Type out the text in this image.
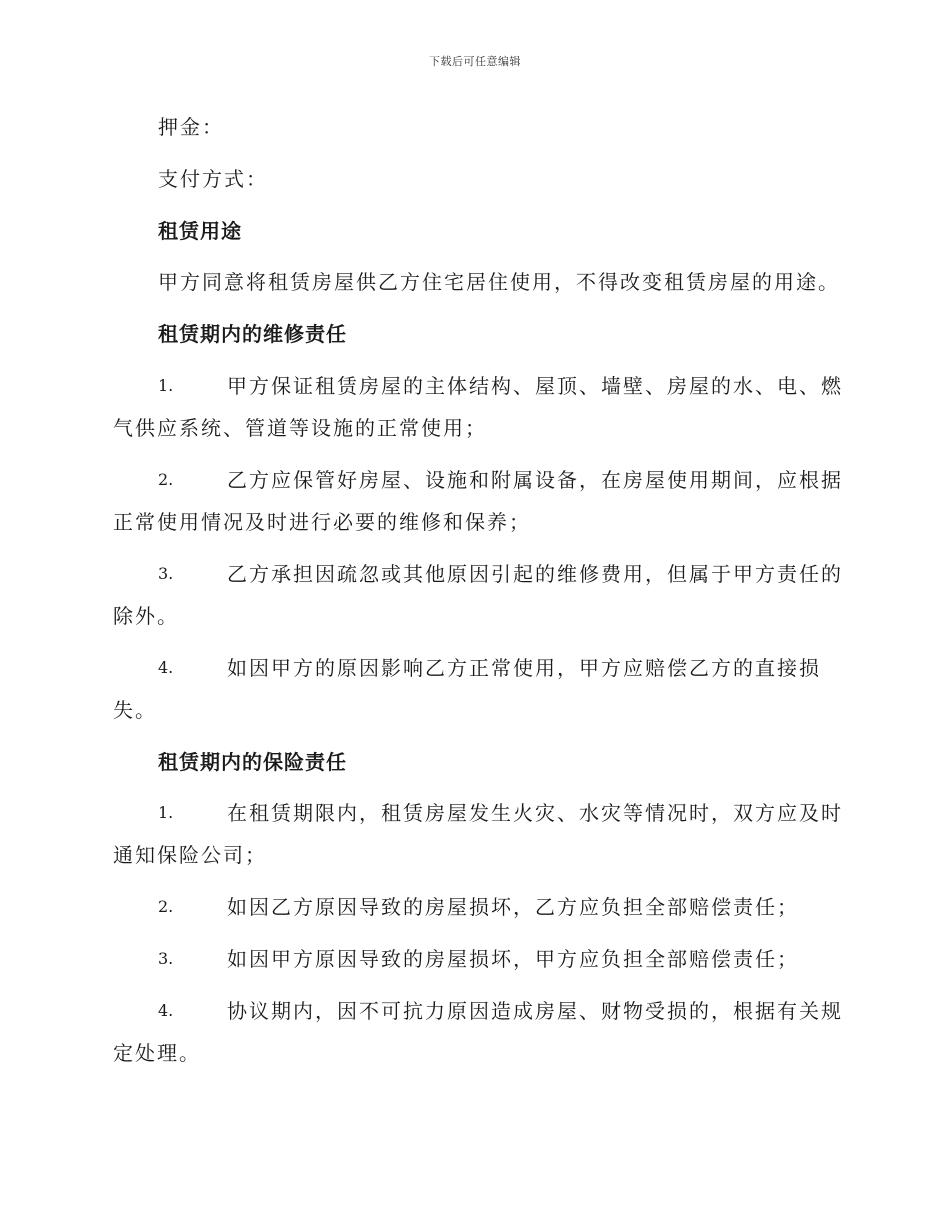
下载后可任意编辑
押金：
支付方式：
租赁用途
甲方同意将租赁房屋供乙方住宅居住使用，不得改变租赁房屋的用途。
租赁期内的维修责任
1.	甲方保证租赁房屋的主体结构、屋顶、墙壁、房屋的水、电、燃
气供应系统、管道等设施的正常使用；
2.	乙方应保管好房屋、设施和附属设备，在房屋使用期间，应根据
正常使用情况及时进行必要的维修和保养；
3.	乙方承担因疏忽或其他原因引起的维修费用，但属于甲方责任的
除外。
4.	如因甲方的原因影响乙方正常使用，甲方应赔偿乙方的直接损
失。
租赁期内的保险责任
1.	在租赁期限内，租赁房屋发生火灾、水灾等情况时，双方应及时
通知保险公司；
2.	如因乙方原因导致的房屋损坏，乙方应负担全部赔偿责任；
3.	如因甲方原因导致的房屋损坏，甲方应负担全部赔偿责任；
4.	协议期内，因不可抗力原因造成房屋、财物受损的，根据有关规
定处理。
